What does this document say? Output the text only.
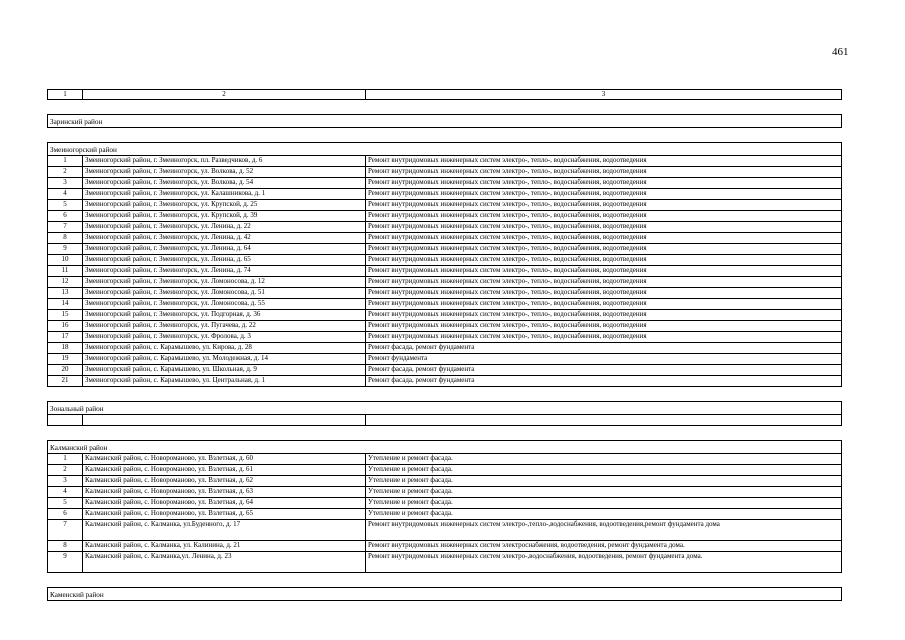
461
1	2	3

Заринский район		

Змеиногорский район		
1	Змеиногорский район, г. Змеиногорск, пл. Разведчиков, д. 6	Ремонт внутридомовых инженерных систем электро-, тепло-, водоснабжения, водоотведения
2	Змеиногорский район, г. Змеиногорск, ул. Волкова, д. 52	Ремонт внутридомовых инженерных систем электро-, тепло-, водоснабжения, водоотведения
3	Змеиногорский район, г. Змеиногорск, ул. Волкова, д. 54	Ремонт внутридомовых инженерных систем электро-, тепло-, водоснабжения, водоотведения
4	Змеиногорский район, г. Змеиногорск, ул. Калашникова, д. 1	Ремонт внутридомовых инженерных систем электро-, тепло-, водоснабжения, водоотведения
5	Змеиногорский район, г. Змеиногорск, ул. Крупской, д. 25	Ремонт внутридомовых инженерных систем электро-, тепло-, водоснабжения, водоотведения
6	Змеиногорский район, г. Змеиногорск, ул. Крупской, д. 39	Ремонт внутридомовых инженерных систем электро-, тепло-, водоснабжения, водоотведения
7	Змеиногорский район, г. Змеиногорск, ул. Ленина, д. 22	Ремонт внутридомовых инженерных систем электро-, тепло-, водоснабжения, водоотведения
8	Змеиногорский район, г. Змеиногорск, ул. Ленина, д. 42	Ремонт внутридомовых инженерных систем электро-, тепло-, водоснабжения, водоотведения
9	Змеиногорский район, г. Змеиногорск, ул. Ленина, д. 64	Ремонт внутридомовых инженерных систем электро-, тепло-, водоснабжения, водоотведения
10	Змеиногорский район, г. Змеиногорск, ул. Ленина, д. 65	Ремонт внутридомовых инженерных систем электро-, тепло-, водоснабжения, водоотведения
11	Змеиногорский район, г. Змеиногорск, ул. Ленина, д. 74	Ремонт внутридомовых инженерных систем электро-, тепло-, водоснабжения, водоотведения
12	Змеиногорский район, г. Змеиногорск, ул. Ломоносова, д. 12	Ремонт внутридомовых инженерных систем электро-, тепло-, водоснабжения, водоотведения
13	Змеиногорский район, г. Змеиногорск, ул. Ломоносова, д. 51	Ремонт внутридомовых инженерных систем электро-, тепло-, водоснабжения, водоотведения
14	Змеиногорский район, г. Змеиногорск, ул. Ломоносова, д. 55	Ремонт внутридомовых инженерных систем электро-, тепло-, водоснабжения, водоотведения
15	Змеиногорский район, г. Змеиногорск, ул. Подгорная, д. 36	Ремонт внутридомовых инженерных систем электро-, тепло-, водоснабжения, водоотведения
16	Змеиногорский район, г. Змеиногорск, ул. Пугачева, д. 22	Ремонт внутридомовых инженерных систем электро-, тепло-, водоснабжения, водоотведения
17	Змеиногорский район, г. Змеиногорск, ул. Фролова, д. 3	Ремонт внутридомовых инженерных систем электро-, тепло-, водоснабжения, водоотведения
18	Змеиногорский район, с. Карамышево, ул. Кирова, д. 28	Ремонт фасада, ремонт фундамента
19	Змеиногорский район, с. Карамышево, ул. Молодежная, д. 14	Ремонт фундамента
20	Змеиногорский район, с. Карамышево, ул. Школьная, д. 9	Ремонт фасада, ремонт фундамента
21	Змеиногорский район, с. Карамышево, ул. Центральная, д. 1	Ремонт фасада, ремонт фундамента

Зональный район		

Калманский район		
1	Калманский район, с. Новороманово, ул. Взлетная, д. 60	Утепление и ремонт фасада.
2	Калманский район, с. Новороманово, ул. Взлетная, д. 61	Утепление и ремонт фасада.
3	Калманский район, с. Новороманово, ул. Взлетная, д. 62	Утепление и ремонт фасада.
4	Калманский район, с. Новороманово, ул. Взлетная, д. 63	Утепление и ремонт фасада.
5	Калманский район, с. Новороманово, ул. Взлетная, д. 64	Утепление и ремонт фасада.
6	Калманский район, с. Новороманово, ул. Взлетная, д. 65	Утепление и ремонт фасада.
7	Калманский район, с. Калманка, ул.Буденного, д. 17	Ремонт внутридомовых инженерных систем электро-,тепло-,водоснабжения, водоотведения,ремонт фундамента дома
8	Калманский район, с. Калманка, ул. Калинина, д. 21	Ремонт внутридомовых инженерных систем электроснабжения, водоотведения, ремонт фундамента дома.
9	Калманский район, с. Калманка,ул. Ленина, д. 23	Ремонт внутридомовых инженерных систем электро-,водоснабжения, водоотведения, ремонт фундамента дома.

Каменский район		
